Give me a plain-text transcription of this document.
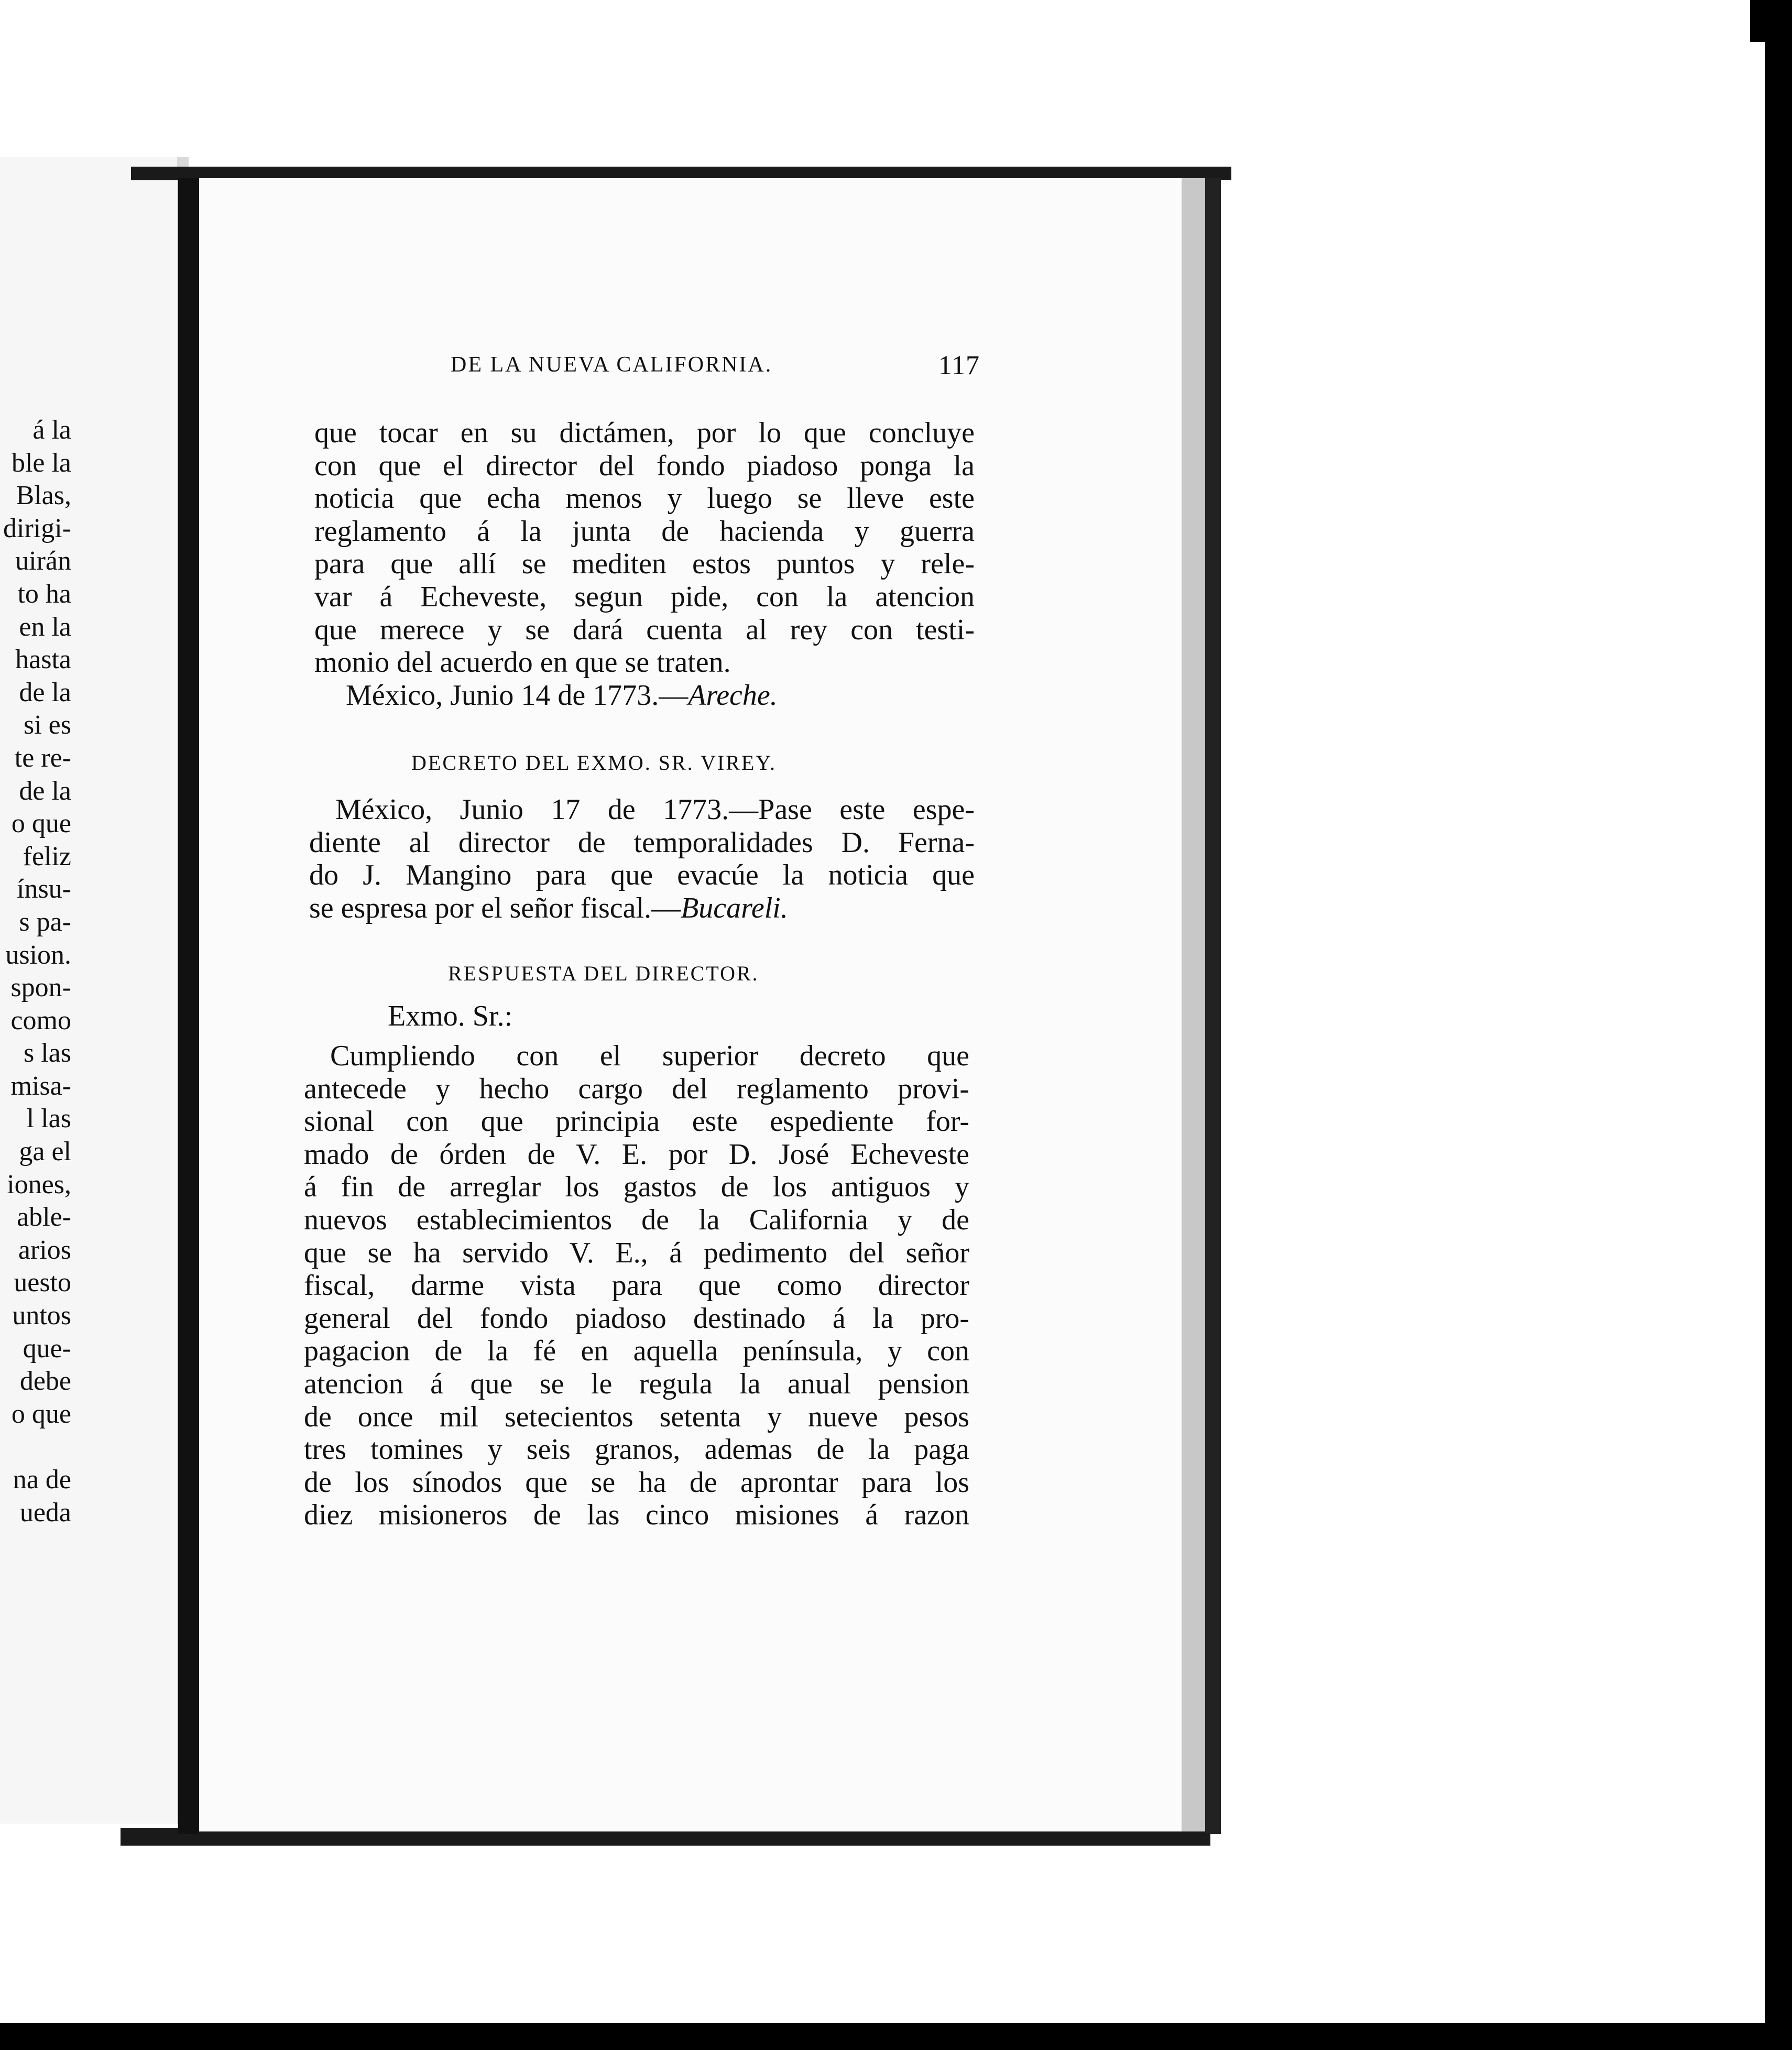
á la
ble la
Blas,
dirigi-
uirán
to ha
en la
hasta
de la
si es
te re-
de la
o que
feliz
ínsu-
s pa-
usion.
spon-
como
s las
misa-
l las
ga el
iones,
able-
arios
uesto
untos
que-
debe
o que
na de
ueda
DE LA NUEVA CALIFORNIA.	117
que tocar en su dictámen, por lo que concluye
con que el director del fondo piadoso ponga la
noticia que echa menos y luego se lleve este
reglamento á la junta de hacienda y guerra
para que allí se mediten estos puntos y rele-
var á Echeveste, segun pide, con la atencion
que merece y se dará cuenta al rey con testi-
monio del acuerdo en que se traten.
México, Junio 14 de 1773.—Areche.
DECRETO DEL EXMO. SR. VIREY.
México, Junio 17 de 1773.—Pase este espe-
diente al director de temporalidades D. Ferna-
do J. Mangino para que evacúe la noticia que
se espresa por el señor fiscal.—Bucareli.
RESPUESTA DEL DIRECTOR.
Exmo. Sr.:
Cumpliendo con el superior decreto que
antecede y hecho cargo del reglamento provi-
sional con que principia este espediente for-
mado de órden de V. E. por D. José Echeveste
á fin de arreglar los gastos de los antiguos y
nuevos establecimientos de la California y de
que se ha servido V. E., á pedimento del señor
fiscal, darme vista para que como director
general del fondo piadoso destinado á la pro-
pagacion de la fé en aquella península, y con
atencion á que se le regula la anual pension
de once mil setecientos setenta y nueve pesos
tres tomines y seis granos, ademas de la paga
de los sínodos que se ha de aprontar para los
diez misioneros de las cinco misiones á razon
